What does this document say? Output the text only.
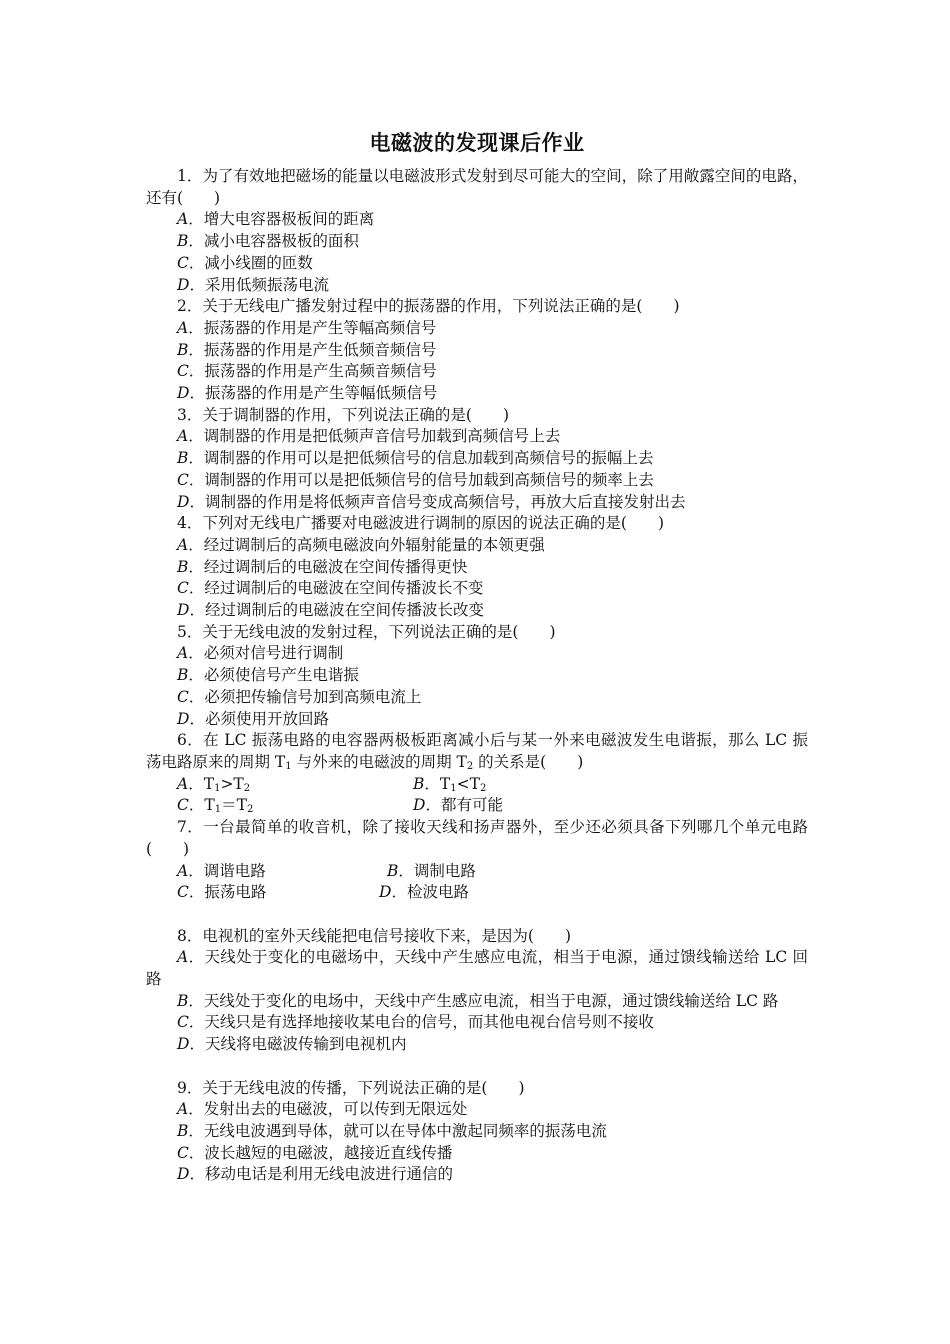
电磁波的发现课后作业

1．为了有效地把磁场的能量以电磁波形式发射到尽可能大的空间，除了用敞露空间的电路，还有(　　)

A．增大电容器极板间的距离

B．减小电容器极板的面积

C．减小线圈的匝数

D．采用低频振荡电流

2．关于无线电广播发射过程中的振荡器的作用，下列说法正确的是(　　)

A．振荡器的作用是产生等幅高频信号

B．振荡器的作用是产生低频音频信号

C．振荡器的作用是产生高频音频信号

D．振荡器的作用是产生等幅低频信号

3．关于调制器的作用，下列说法正确的是(　　)

A．调制器的作用是把低频声音信号加载到高频信号上去

B．调制器的作用可以是把低频信号的信息加载到高频信号的振幅上去

C．调制器的作用可以是把低频信号的信号加载到高频信号的频率上去

D．调制器的作用是将低频声音信号变成高频信号，再放大后直接发射出去

4．下列对无线电广播要对电磁波进行调制的原因的说法正确的是(　　)

A．经过调制后的高频电磁波向外辐射能量的本领更强

B．经过调制后的电磁波在空间传播得更快

C．经过调制后的电磁波在空间传播波长不变

D．经过调制后的电磁波在空间传播波长改变

5．关于无线电波的发射过程，下列说法正确的是(　　)

A．必须对信号进行调制

B．必须使信号产生电谐振

C．必须把传输信号加到高频电流上

D．必须使用开放回路

6．在 LC 振荡电路的电容器两极板距离减小后与某一外来电磁波发生电谐振，那么 LC 振荡电路原来的周期 $T_1$ 与外来的电磁波的周期 $T_2$ 的关系是(　　)

A．$T_1>T_2$	B．$T_1<T_2$
C．$T_1=T_2$	D．都有可能

7．一台最简单的收音机，除了接收天线和扬声器外，至少还必须具备下列哪几个单元电路(　　)

A．调谐电路	B．调制电路
C．振荡电路	D．检波电路

8．电视机的室外天线能把电信号接收下来，是因为(　　)

A．天线处于变化的电磁场中，天线中产生感应电流，相当于电源，通过馈线输送给 LC 回路

B．天线处于变化的电场中，天线中产生感应电流，相当于电源，通过馈线输送给 LC 路

C．天线只是有选择地接收某电台的信号，而其他电视台信号则不接收

D．天线将电磁波传输到电视机内

9．关于无线电波的传播，下列说法正确的是(　　)

A．发射出去的电磁波，可以传到无限远处

B．无线电波遇到导体，就可以在导体中激起同频率的振荡电流

C．波长越短的电磁波，越接近直线传播

D．移动电话是利用无线电波进行通信的
